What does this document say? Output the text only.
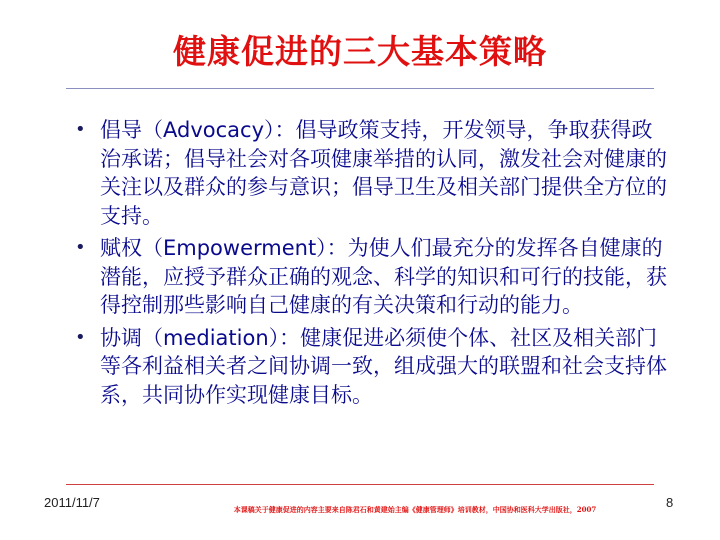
健康促进的三大基本策略
• 倡导（Advocacy）：倡导政策支持，开发领导，争取获得政治承诺；倡导社会对各项健康举措的认同，激发社会对健康的关注以及群众的参与意识；倡导卫生及相关部门提供全方位的支持。
• 赋权（Empowerment）：为使人们最充分的发挥各自健康的潜能，应授予群众正确的观念、科学的知识和可行的技能，获得控制那些影响自己健康的有关决策和行动的能力。
• 协调（mediation）：健康促进必须使个体、社区及相关部门等各利益相关者之间协调一致，组成强大的联盟和社会支持体系，共同协作实现健康目标。
2011/11/7	本课稿关于健康促进的内容主要来自陈君石和黄建始主编《健康管理师》培训教材，中国协和医科大学出版社，2007	8
